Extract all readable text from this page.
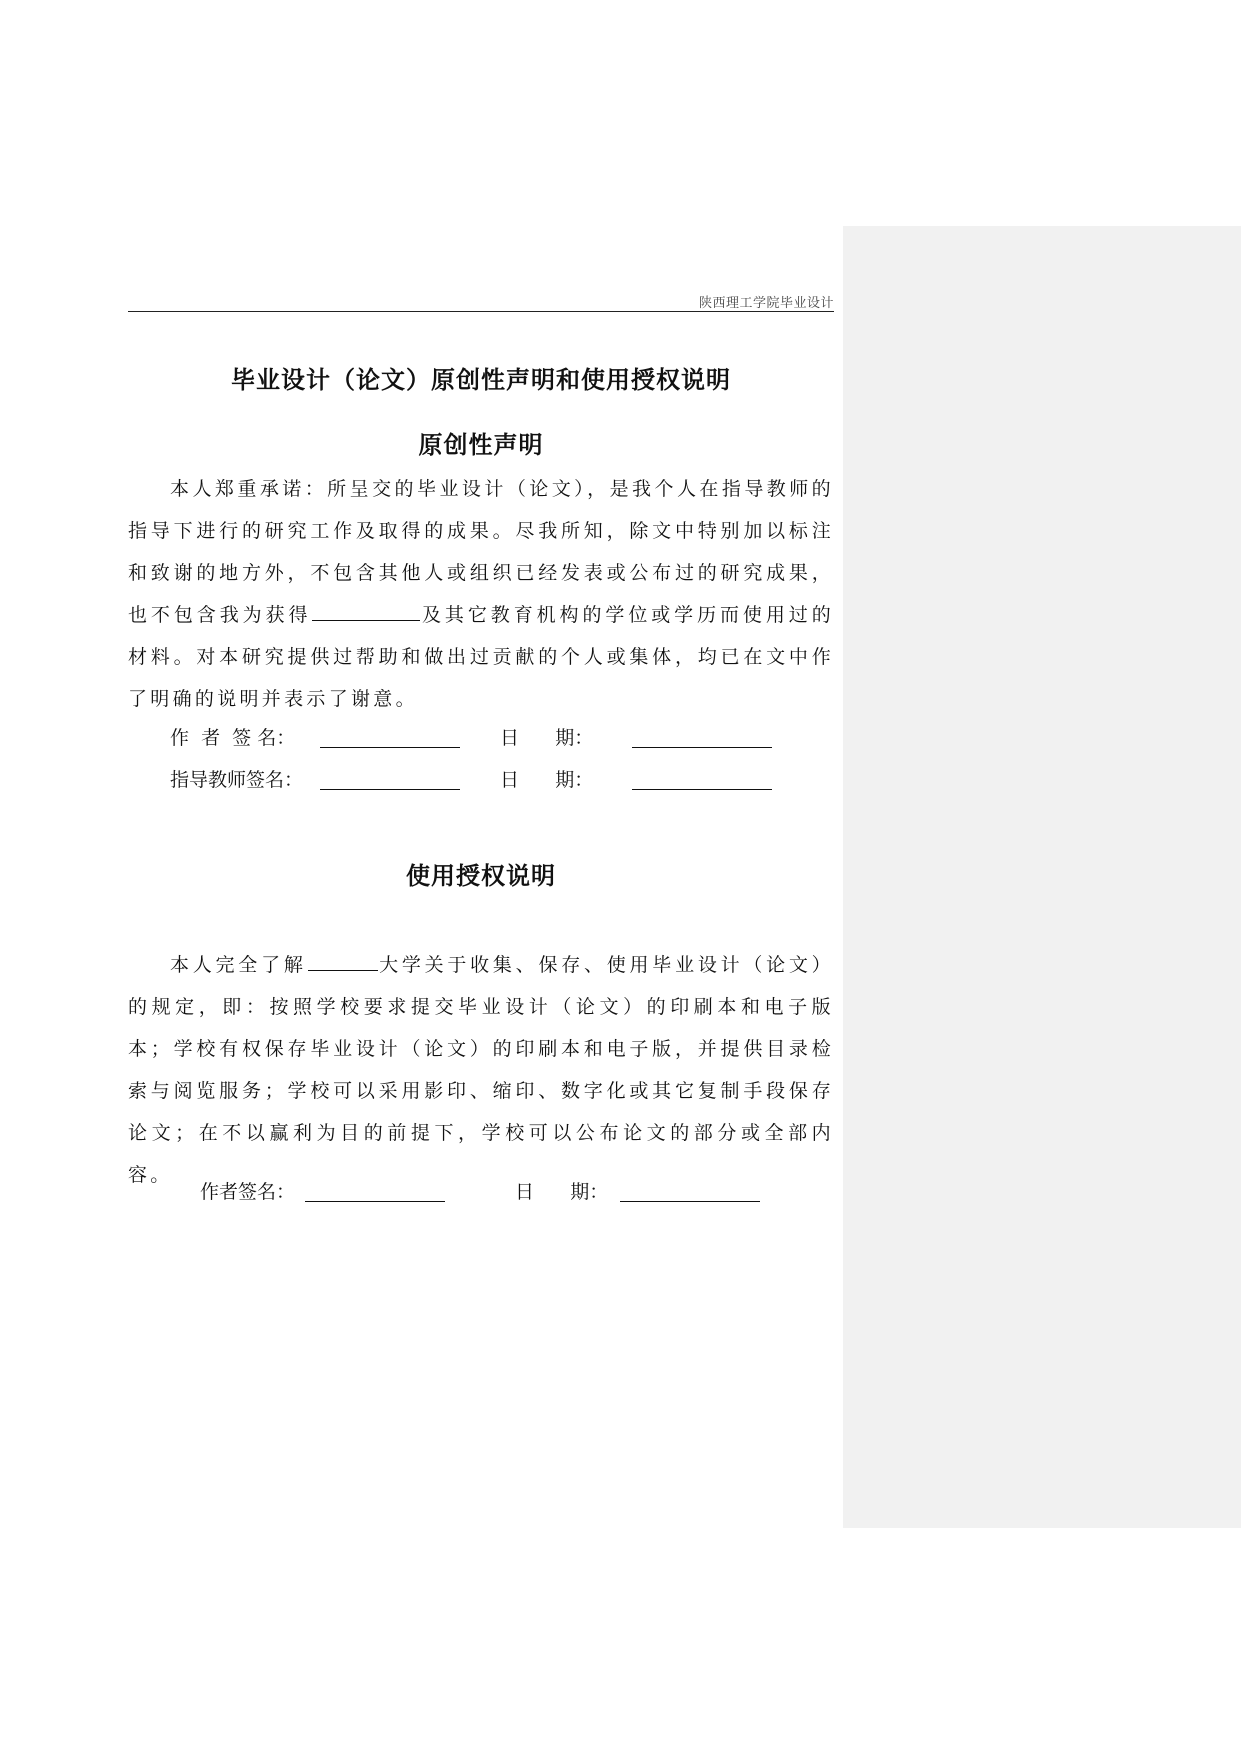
陕西理工学院毕业设计
毕业设计（论文）原创性声明和使用授权说明
原创性声明

本人郑重承诺：所呈交的毕业设计（论文），是我个人在指导教师的指导下进行的研究工作及取得的成果。尽我所知，除文中特别加以标注和致谢的地方外，不包含其他人或组织已经发表或公布过的研究成果，也不包含我为获得	及其它教育机构的学位或学历而使用过的材料。对本研究提供过帮助和做出过贡献的个人或集体，均已在文中作了明确的说明并表示了谢意。

作  者  签 名：	日      期：
指导教师签名：	日      期：
使用授权说明

本人完全了解	大学关于收集、保存、使用毕业设计（论文）的规定，即：按照学校要求提交毕业设计（论文）的印刷本和电子版本；学校有权保存毕业设计（论文）的印刷本和电子版，并提供目录检索与阅览服务；学校可以采用影印、缩印、数字化或其它复制手段保存论文；在不以赢利为目的前提下，学校可以公布论文的部分或全部内容。

作者签名：	日      期：
